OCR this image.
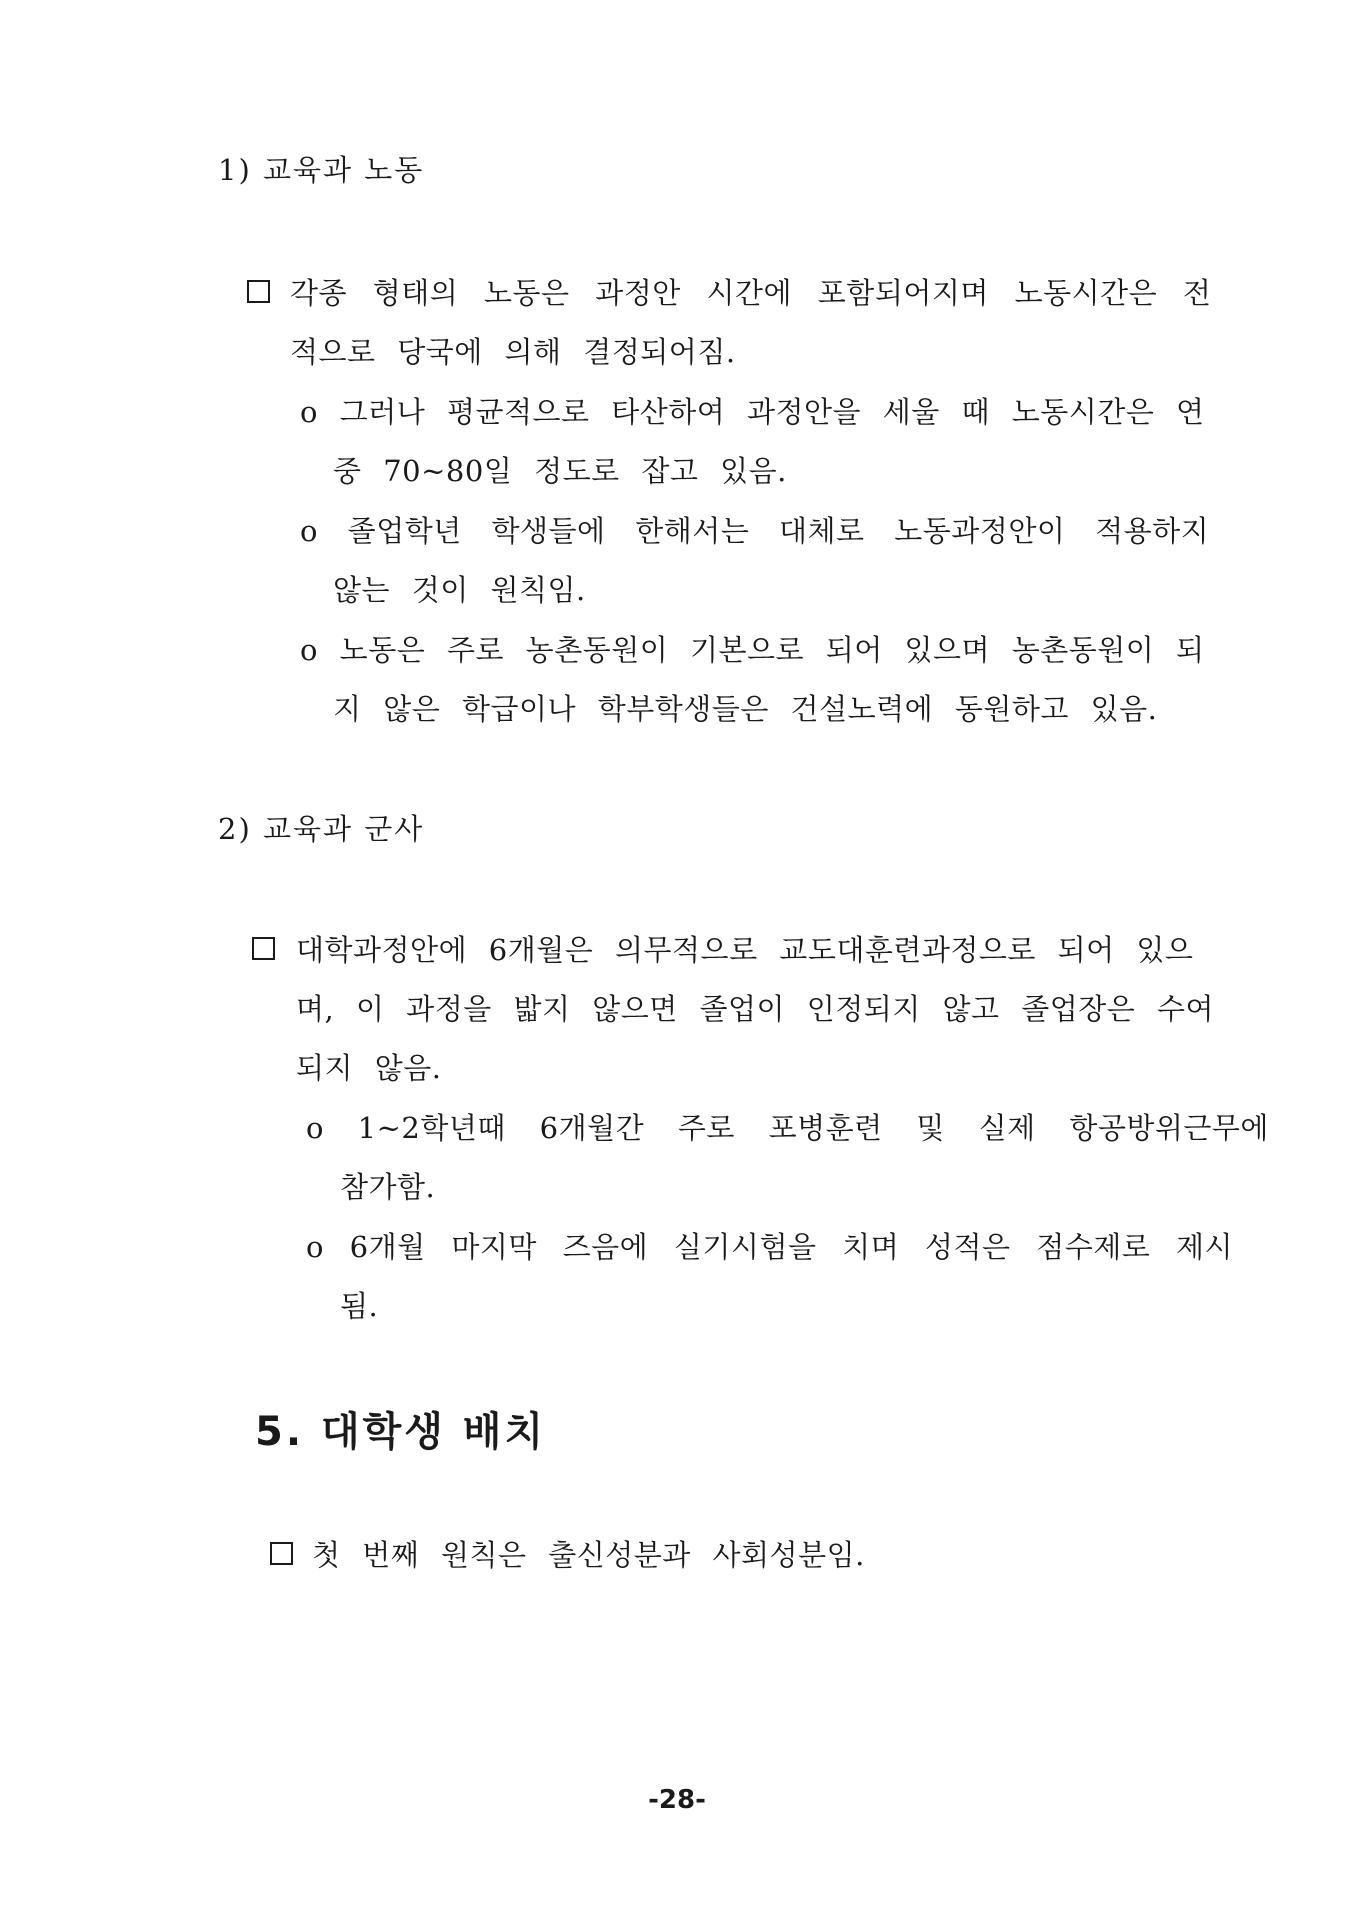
1) 교육과 노동
각종 형태의 노동은 과정안 시간에 포함되어지며 노동시간은 전
적으로 당국에 의해 결정되어짐.
o 그러나 평균적으로 타산하여 과정안을 세울 때 노동시간은 연
중 70~80일 정도로 잡고 있음.
o 졸업학년 학생들에 한해서는 대체로 노동과정안이 적용하지
않는 것이 원칙임.
o 노동은 주로 농촌동원이 기본으로 되어 있으며 농촌동원이 되
지 않은 학급이나 학부학생들은 건설노력에 동원하고 있음.
2) 교육과 군사
대학과정안에 6개월은 의무적으로 교도대훈련과정으로 되어 있으
며, 이 과정을 밟지 않으면 졸업이 인정되지 않고 졸업장은 수여
되지 않음.
o 1~2학년때 6개월간 주로 포병훈련 및 실제 항공방위근무에
참가함.
o 6개월 마지막 즈음에 실기시험을 치며 성적은 점수제로 제시
됨.
5. 대학생 배치
첫 번째 원칙은 출신성분과 사회성분임.
-28-
